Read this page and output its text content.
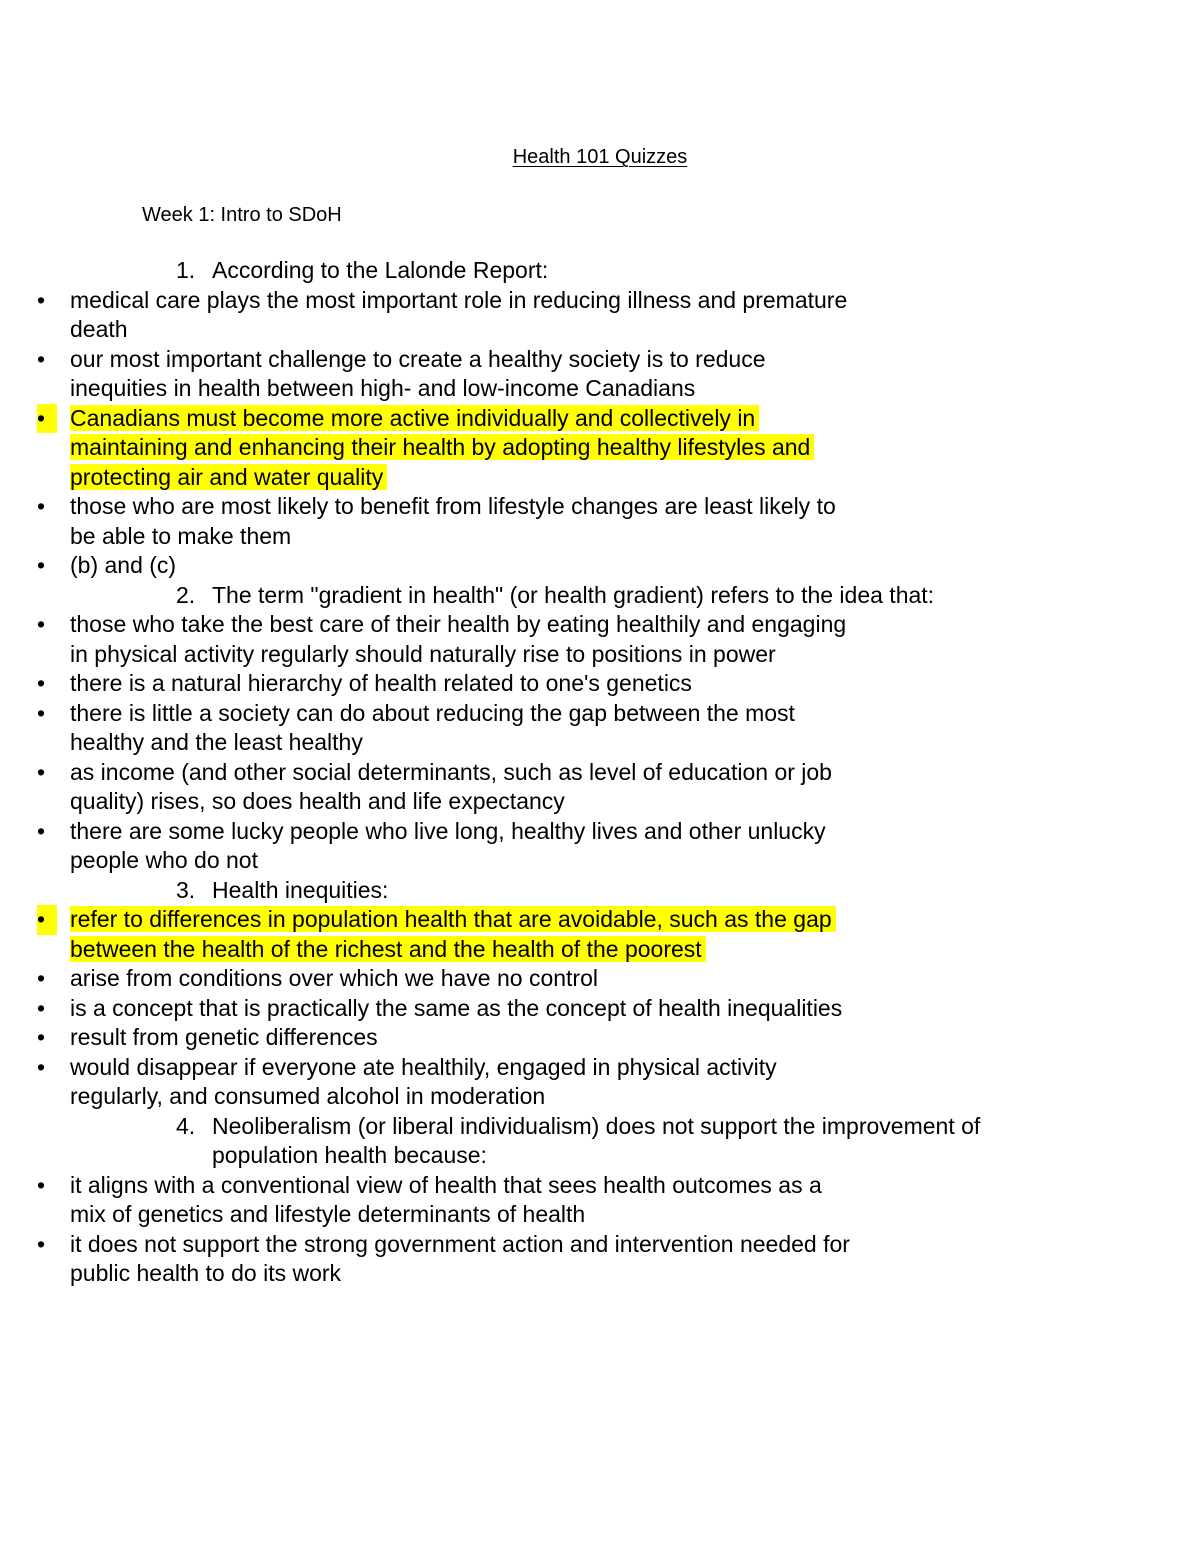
Health 101 Quizzes
Week 1: Intro to SDoH
1. According to the Lalonde Report:
•	medical care plays the most important role in reducing illness and premature death
•	our most important challenge to create a healthy society is to reduce inequities in health between high- and low-income Canadians
•	Canadians must become more active individually and collectively in maintaining and enhancing their health by adopting healthy lifestyles and protecting air and water quality
•	those who are most likely to benefit from lifestyle changes are least likely to be able to make them
•	(b) and (c)
2. The term "gradient in health" (or health gradient) refers to the idea that:
•	those who take the best care of their health by eating healthily and engaging in physical activity regularly should naturally rise to positions in power
•	there is a natural hierarchy of health related to one's genetics
•	there is little a society can do about reducing the gap between the most healthy and the least healthy
•	as income (and other social determinants, such as level of education or job quality) rises, so does health and life expectancy
•	there are some lucky people who live long, healthy lives and other unlucky people who do not
3. Health inequities:
•	refer to differences in population health that are avoidable, such as the gap between the health of the richest and the health of the poorest
•	arise from conditions over which we have no control
•	is a concept that is practically the same as the concept of health inequalities
•	result from genetic differences
•	would disappear if everyone ate healthily, engaged in physical activity regularly, and consumed alcohol in moderation
4. Neoliberalism (or liberal individualism) does not support the improvement of population health because:
•	it aligns with a conventional view of health that sees health outcomes as a mix of genetics and lifestyle determinants of health
•	it does not support the strong government action and intervention needed for public health to do its work
